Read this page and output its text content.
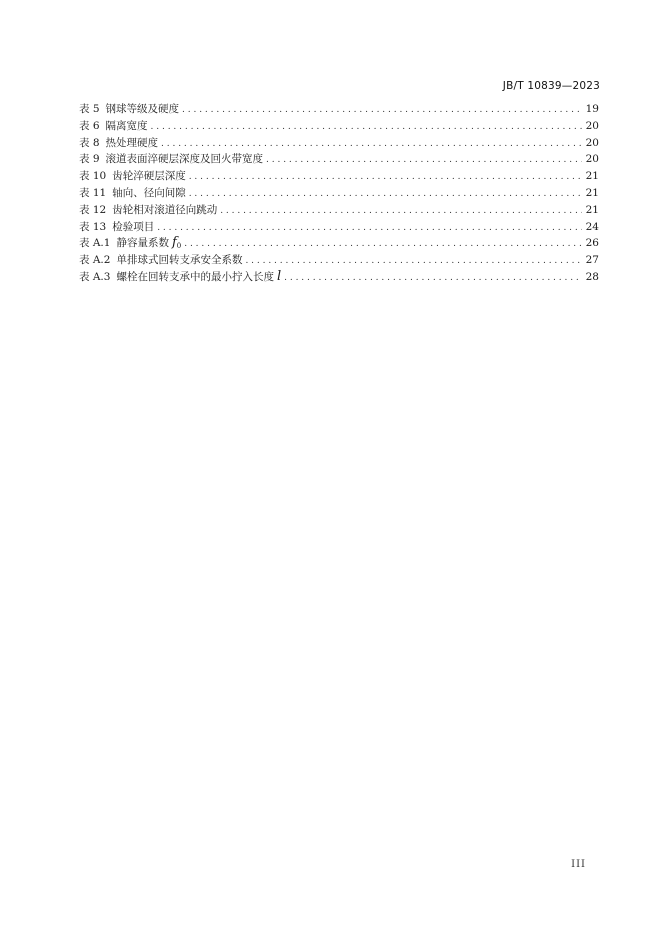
JB/T 10839—2023
表 5 钢球等级及硬度 . . .	19
表 6 隔离宽度 . . .	20
表 8 热处理硬度 . . .	20
表 9 滚道表面淬硬层深度及回火带宽度 . . .	20
表 10 齿轮淬硬层深度 . . .	21
表 11 轴向、径向间隙 . . .	21
表 12 齿轮相对滚道径向跳动 . . .	21
表 13 检验项目 . . .	24
表 A.1 静容量系数 $f_0$ . . .	26
表 A.2 单排球式回转支承安全系数 . . .	27
表 A.3 螺栓在回转支承中的最小拧入长度 l . . .	28
III
